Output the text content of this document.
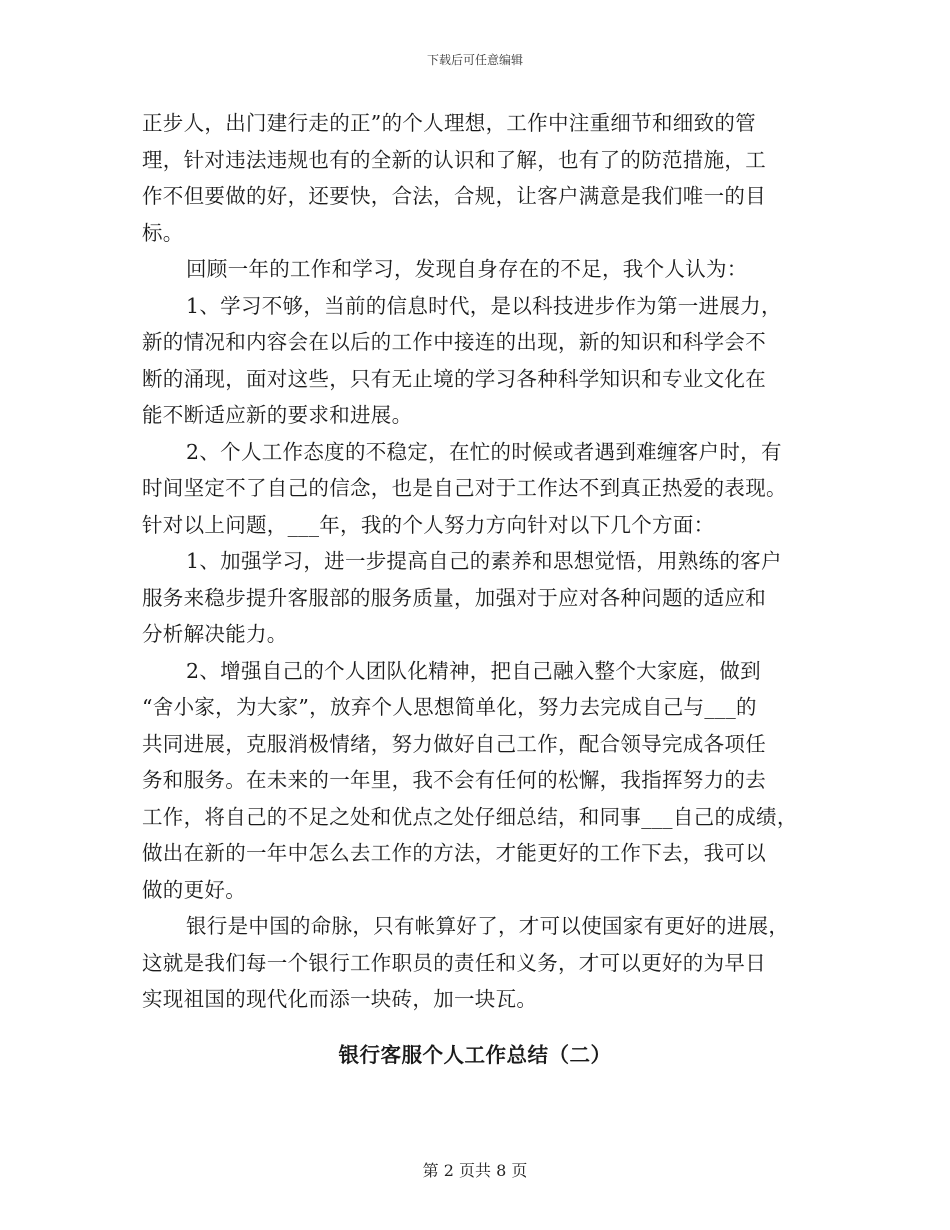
下载后可任意编辑
正步人，出门建行走的正”的个人理想，工作中注重细节和细致的管
理，针对违法违规也有的全新的认识和了解，也有了的防范措施，工
作不但要做的好，还要快，合法，合规，让客户满意是我们唯一的目
标。
回顾一年的工作和学习，发现自身存在的不足，我个人认为：
1、学习不够，当前的信息时代，是以科技进步作为第一进展力，
新的情况和内容会在以后的工作中接连的出现，新的知识和科学会不
断的涌现，面对这些，只有无止境的学习各种科学知识和专业文化在
能不断适应新的要求和进展。
2、个人工作态度的不稳定，在忙的时候或者遇到难缠客户时，有
时间坚定不了自己的信念，也是自己对于工作达不到真正热爱的表现。
针对以上问题，___年，我的个人努力方向针对以下几个方面：
1、加强学习，进一步提高自己的素养和思想觉悟，用熟练的客户
服务来稳步提升客服部的服务质量，加强对于应对各种问题的适应和
分析解决能力。
2、增强自己的个人团队化精神，把自己融入整个大家庭，做到
“舍小家，为大家”，放弃个人思想简单化，努力去完成自己与___的
共同进展，克服消极情绪，努力做好自己工作，配合领导完成各项任
务和服务。在未来的一年里，我不会有任何的松懈，我指挥努力的去
工作，将自己的不足之处和优点之处仔细总结，和同事___自己的成绩，
做出在新的一年中怎么去工作的方法，才能更好的工作下去，我可以
做的更好。
银行是中国的命脉，只有帐算好了，才可以使国家有更好的进展，
这就是我们每一个银行工作职员的责任和义务，才可以更好的为早日
实现祖国的现代化而添一块砖，加一块瓦。
银行客服个人工作总结（二）
第 2 页共 8 页
